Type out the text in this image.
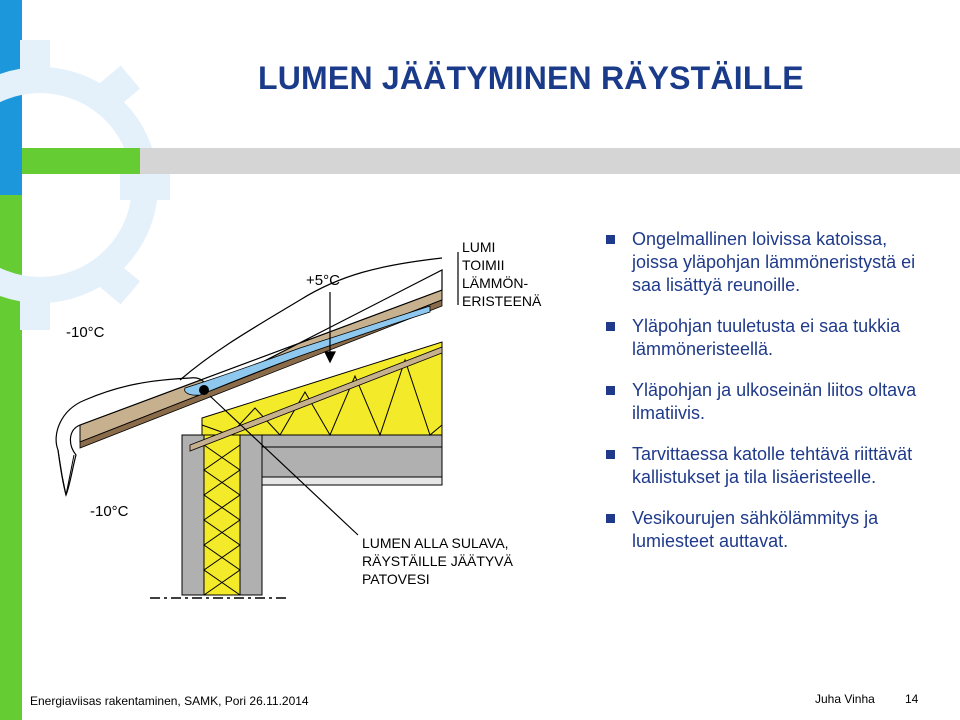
LUMEN JÄÄTYMINEN RÄYSTÄILLE
+5°C
-10°C
-10°C
LUMI
TOIMII
LÄMMÖN-
ERISTEENÄ
LUMEN ALLA SULAVA,
RÄYSTÄILLE JÄÄTYVÄ
PATOVESI
Ongelmallinen loivissa katoissa, joissa yläpohjan lämmöneristystä ei saa lisättyä reunoille.
Yläpohjan tuuletusta ei saa tukkia lämmöneristeellä.
Yläpohjan ja ulkoseinän liitos oltava ilmatiivis.
Tarvittaessa katolle tehtävä riittävät kallistukset ja tila lisäeristeelle.
Vesikourujen sähkölämmitys ja lumiesteet auttavat.
Energiaviisas rakentaminen, SAMK, Pori 26.11.2014	Juha Vinha	14
